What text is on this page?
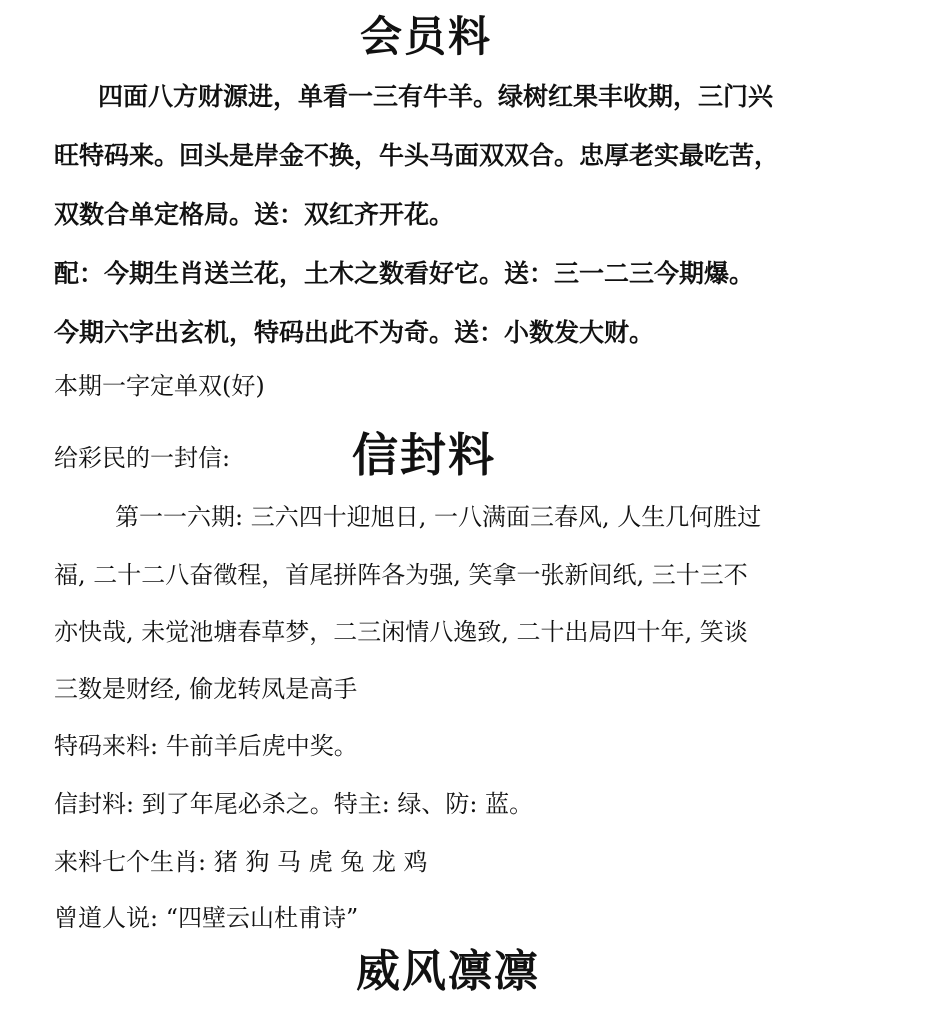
会员料
四面八方财源进，单看一三有牛羊。绿树红果丰收期，三门兴
旺特码来。回头是岸金不换，牛头马面双双合。忠厚老实最吃苦，
双数合单定格局。送：双红齐开花。
配：今期生肖送兰花，土木之数看好它。送：三一二三今期爆。
今期六字出玄机，特码出此不为奇。送：小数发大财。
本期一字定单双(好)
给彩民的一封信:	信封料
第一一六期: 三六四十迎旭日, 一八满面三春风, 人生几何胜过
福, 二十二八奋徵程，首尾拼阵各为强, 笑拿一张新间纸, 三十三不
亦快哉, 未觉池塘春草梦，二三闲情八逸致, 二十出局四十年, 笑谈
三数是财经, 偷龙转凤是高手
特码来料: 牛前羊后虎中奖。
信封料: 到了年尾必杀之。特主: 绿、防: 蓝。
来料七个生肖: 猪 狗 马 虎 兔 龙 鸡
曾道人说: “四壁云山杜甫诗”
威风凛凛
